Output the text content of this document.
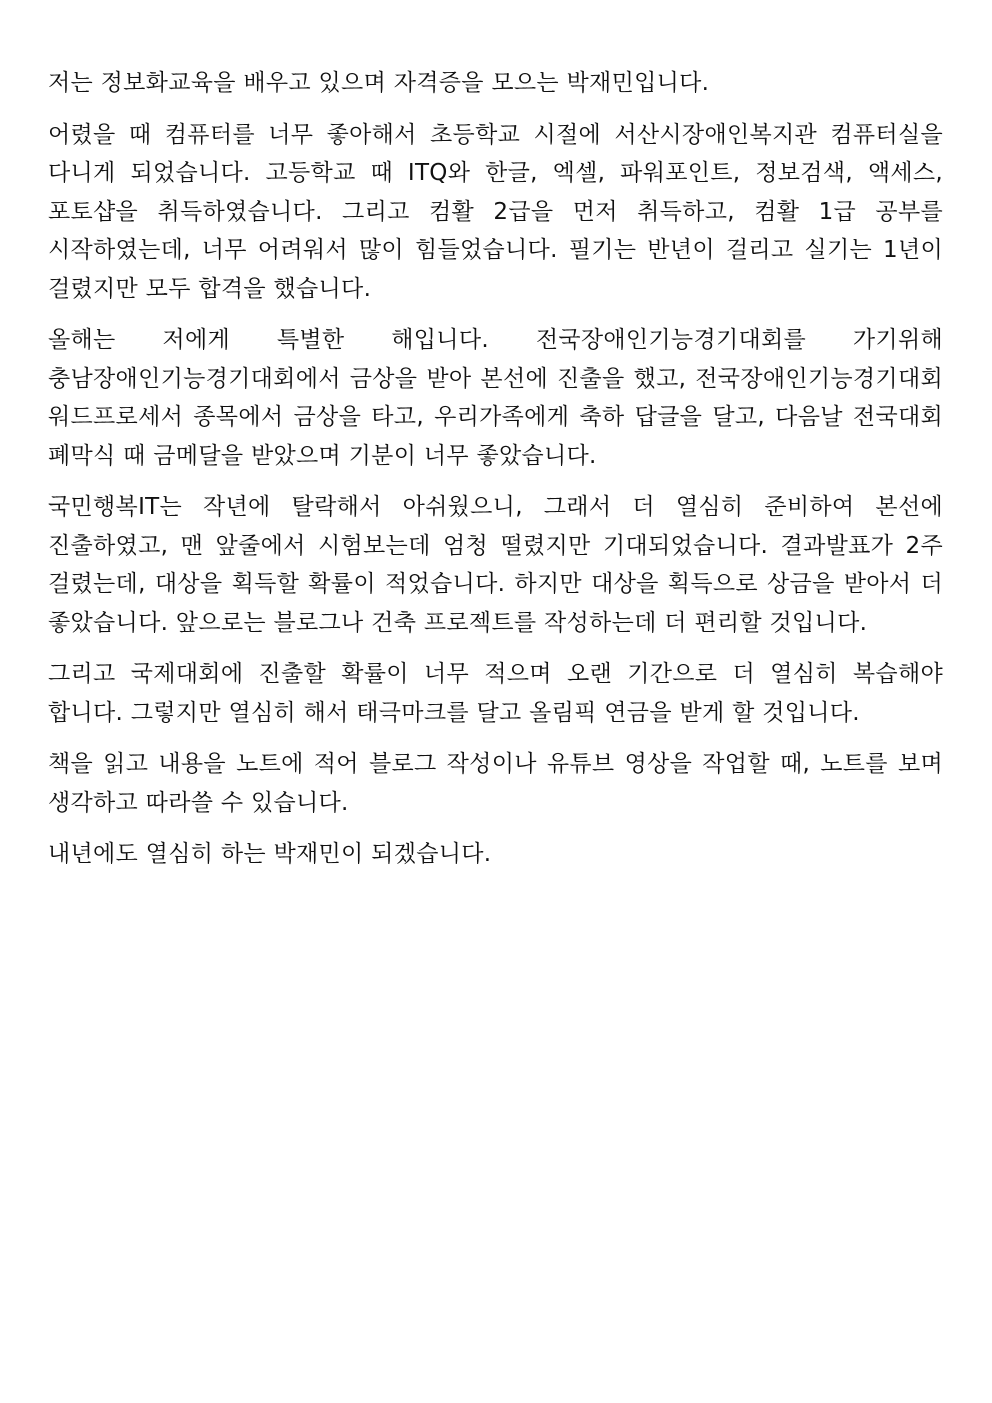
저는 정보화교육을 배우고 있으며 자격증을 모으는 박재민입니다.

어렸을 때 컴퓨터를 너무 좋아해서 초등학교 시절에 서산시장애인복지관 컴퓨터실을 다니게 되었습니다. 고등학교 때 ITQ와 한글, 엑셀, 파워포인트, 정보검색, 액세스, 포토샵을 취득하였습니다. 그리고 컴활 2급을 먼저 취득하고, 컴활 1급 공부를 시작하였는데, 너무 어려워서 많이 힘들었습니다. 필기는 반년이 걸리고 실기는 1년이 걸렸지만 모두 합격을 했습니다.

올해는 저에게 특별한 해입니다. 전국장애인기능경기대회를 가기위해 충남장애인기능경기대회에서 금상을 받아 본선에 진출을 했고, 전국장애인기능경기대회 워드프로세서 종목에서 금상을 타고, 우리가족에게 축하 답글을 달고, 다음날 전국대회 폐막식 때 금메달을 받았으며 기분이 너무 좋았습니다.

국민행복IT는 작년에 탈락해서 아쉬웠으니, 그래서 더 열심히 준비하여 본선에 진출하였고, 맨 앞줄에서 시험보는데 엄청 떨렸지만 기대되었습니다. 결과발표가 2주 걸렸는데, 대상을 획득할 확률이 적었습니다. 하지만 대상을 획득으로 상금을 받아서 더 좋았습니다. 앞으로는 블로그나 건축 프로젝트를 작성하는데 더 편리할 것입니다.

그리고 국제대회에 진출할 확률이 너무 적으며 오랜 기간으로 더 열심히 복습해야 합니다. 그렇지만 열심히 해서 태극마크를 달고 올림픽 연금을 받게 할 것입니다.

책을 읽고 내용을 노트에 적어 블로그 작성이나 유튜브 영상을 작업할 때, 노트를 보며 생각하고 따라쓸 수 있습니다.

내년에도 열심히 하는 박재민이 되겠습니다.
